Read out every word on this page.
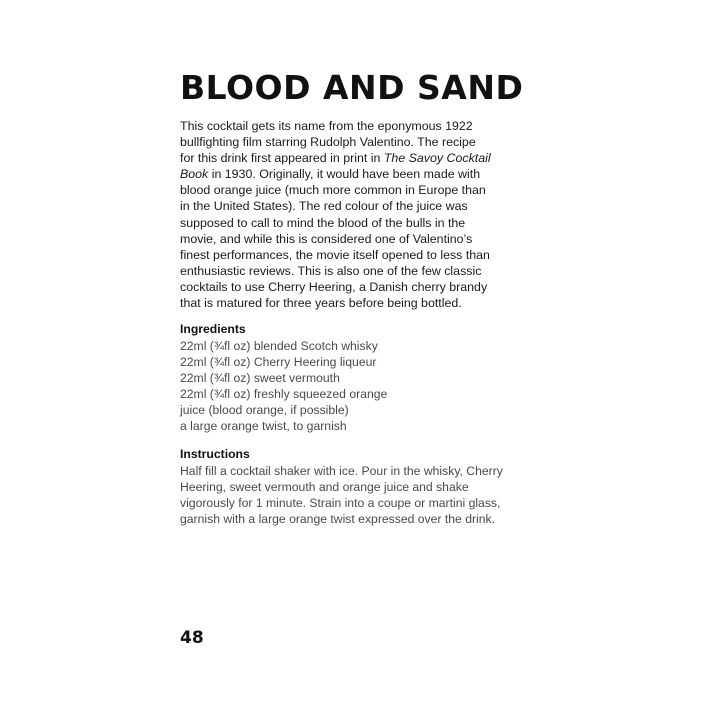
BLOOD AND SAND
This cocktail gets its name from the eponymous 1922
bullfighting film starring Rudolph Valentino. The recipe
for this drink first appeared in print in The Savoy Cocktail
Book in 1930. Originally, it would have been made with
blood orange juice (much more common in Europe than
in the United States). The red colour of the juice was
supposed to call to mind the blood of the bulls in the
movie, and while this is considered one of Valentino’s
finest performances, the movie itself opened to less than
enthusiastic reviews. This is also one of the few classic
cocktails to use Cherry Heering, a Danish cherry brandy
that is matured for three years before being bottled.
Ingredients
22ml (¾fl oz) blended Scotch whisky
22ml (¾fl oz) Cherry Heering liqueur
22ml (¾fl oz) sweet vermouth
22ml (¾fl oz) freshly squeezed orange
juice (blood orange, if possible)
a large orange twist, to garnish
Instructions
Half fill a cocktail shaker with ice. Pour in the whisky, Cherry
Heering, sweet vermouth and orange juice and shake
vigorously for 1 minute. Strain into a coupe or martini glass,
garnish with a large orange twist expressed over the drink.
48
